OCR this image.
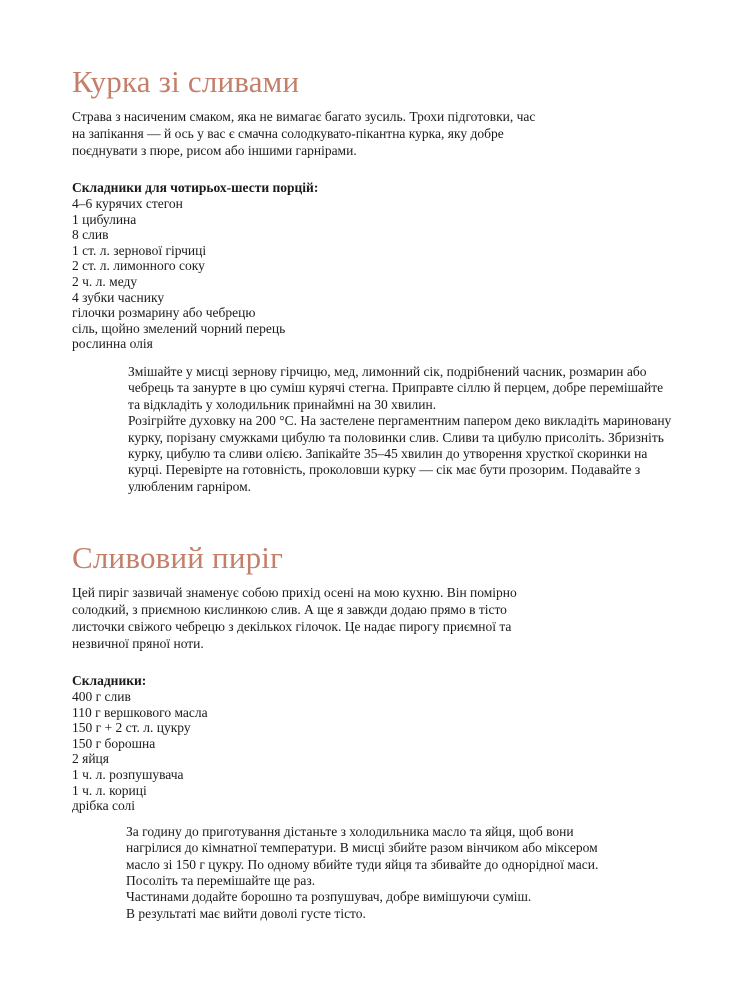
Курка зі сливами

Страва з насиченим смаком, яка не вимагає багато зусиль. Трохи підготовки, час на запікання — й ось у вас є смачна солодкувато-пікантна курка, яку добре поєднувати з пюре, рисом або іншими гарнірами.

Складники для чотирьох-шести порцій:

4–6 курячих стегон
1 цибулина
8 слив
1 ст. л. зернової гірчиці
2 ст. л. лимонного соку
2 ч. л. меду
4 зубки часнику
гілочки розмарину або чебрецю
сіль, щойно змелений чорний перець
рослинна олія

Змішайте у мисці зернову гірчицю, мед, лимонний сік, подрібнений часник, розмарин або чебрець та занурте в цю суміш курячі стегна. Приправте сіллю й перцем, добре перемішайте та відкладіть у холодильник принаймні на 30 хвилин.

Розігрійте духовку на 200 °С. На застелене пергаментним папером деко викладіть мариновану курку, порізану смужками цибулю та половинки слив. Сливи та цибулю присоліть. Збризніть курку, цибулю та сливи олією. Запікайте 35–45 хвилин до утворення хрусткої скоринки на курці. Перевірте на готовність, проколовши курку — сік має бути прозорим. Подавайте з улюбленим гарніром.

Сливовий пиріг

Цей пиріг зазвичай знаменує собою прихід осені на мою кухню. Він помірно солодкий, з приємною кислинкою слив. А ще я завжди додаю прямо в тісто листочки свіжого чебрецю з декількох гілочок. Це надає пирогу приємної та незвичної пряної ноти.

Складники:

400 г слив
110 г вершкового масла
150 г + 2 ст. л. цукру
150 г борошна
2 яйця
1 ч. л. розпушувача
1 ч. л. кориці
дрібка солі

За годину до приготування дістаньте з холодильника масло та яйця, щоб вони нагрілися до кімнатної температури. В мисці збийте разом вінчиком або міксером масло зі 150 г цукру. По одному вбийте туди яйця та збивайте до однорідної маси. Посоліть та перемішайте ще раз.

Частинами додайте борошно та розпушувач, добре вимішуючи суміш.

В результаті має вийти доволі густе тісто.
